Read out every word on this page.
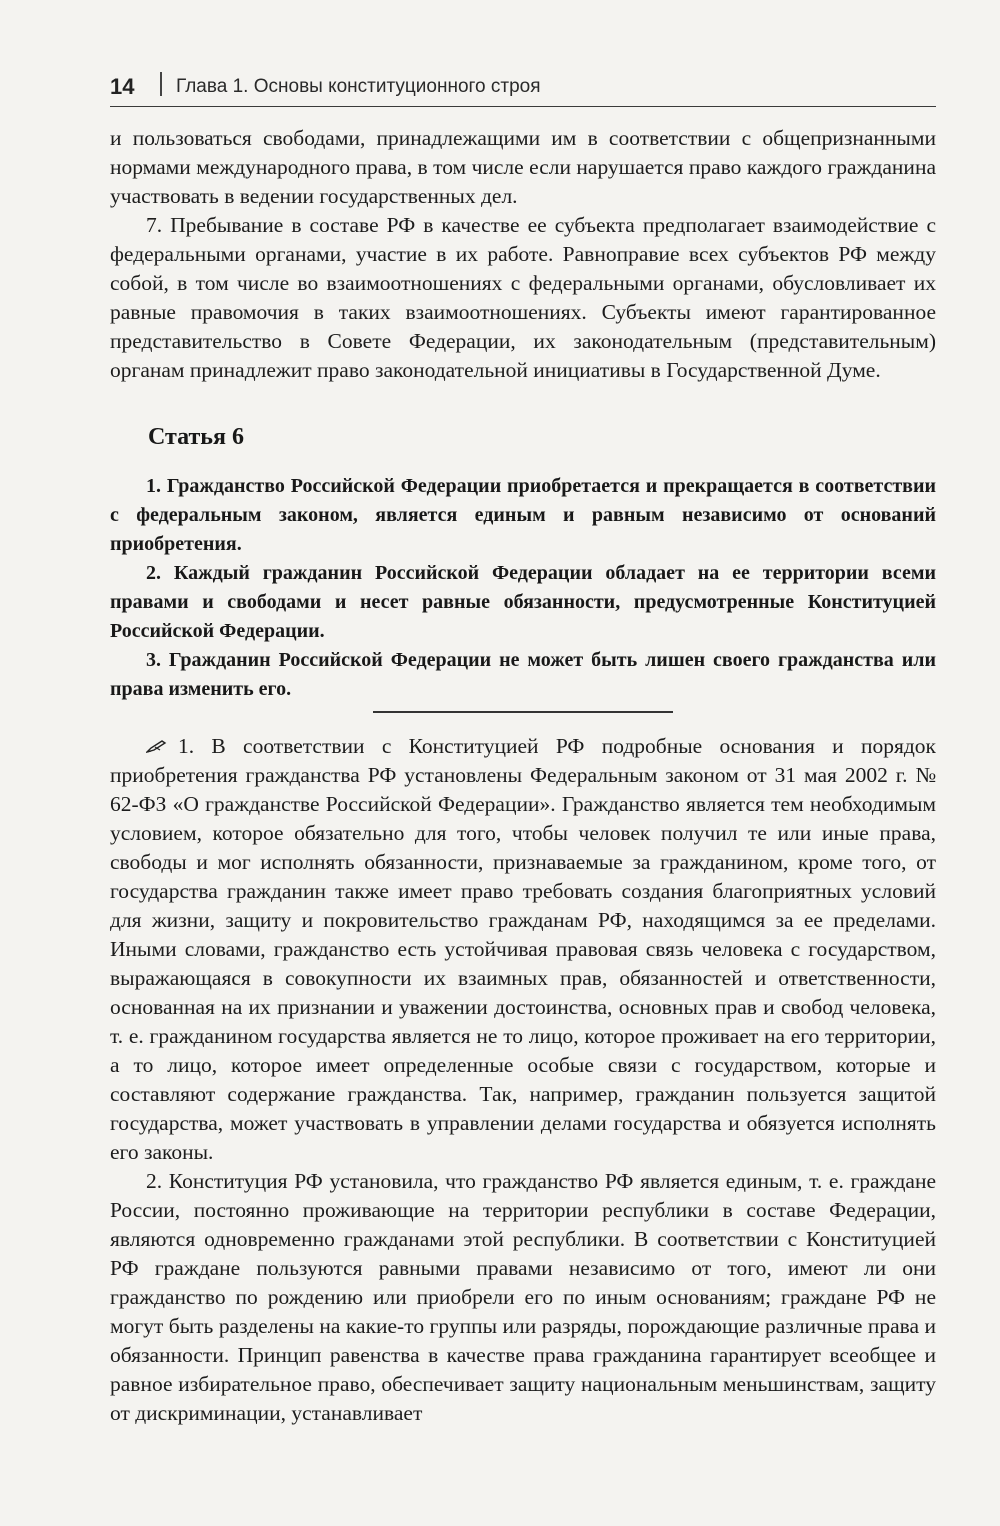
14 Глава 1. Основы конституционного строя

и пользоваться свободами, принадлежащими им в соответствии с общепризнанными нормами международного права, в том числе если нарушается право каждого гражданина участвовать в ведении государственных дел.

7. Пребывание в составе РФ в качестве ее субъекта предполагает взаимодействие с федеральными органами, участие в их работе. Равноправие всех субъектов РФ между собой, в том числе во взаимоотношениях с федеральными органами, обусловливает их равные правомочия в таких взаимоотношениях. Субъекты имеют гарантированное представительство в Совете Федерации, их законодательным (представительным) органам принадлежит право законодательной инициативы в Государственной Думе.

Статья 6

1. Гражданство Российской Федерации приобретается и прекращается в соответствии с федеральным законом, является единым и равным независимо от оснований приобретения.

2. Каждый гражданин Российской Федерации обладает на ее территории всеми правами и свободами и несет равные обязанности, предусмотренные Конституцией Российской Федерации.

3. Гражданин Российской Федерации не может быть лишен своего гражданства или права изменить его.

1. В соответствии с Конституцией РФ подробные основания и порядок приобретения гражданства РФ установлены Федеральным законом от 31 мая 2002 г. № 62-ФЗ «О гражданстве Российской Федерации». Гражданство является тем необходимым условием, которое обязательно для того, чтобы человек получил те или иные права, свободы и мог исполнять обязанности, признаваемые за гражданином, кроме того, от государства гражданин также имеет право требовать создания благоприятных условий для жизни, защиту и покровительство гражданам РФ, находящимся за ее пределами. Иными словами, гражданство есть устойчивая правовая связь человека с государством, выражающаяся в совокупности их взаимных прав, обязанностей и ответственности, основанная на их признании и уважении достоинства, основных прав и свобод человека, т. е. гражданином государства является не то лицо, которое проживает на его территории, а то лицо, которое имеет определенные особые связи с государством, которые и составляют содержание гражданства. Так, например, гражданин пользуется защитой государства, может участвовать в управлении делами государства и обязуется исполнять его законы.

2. Конституция РФ установила, что гражданство РФ является единым, т. е. граждане России, постоянно проживающие на территории республики в составе Федерации, являются одновременно гражданами этой республики. В соответствии с Конституцией РФ граждане пользуются равными правами независимо от того, имеют ли они гражданство по рождению или приобрели его по иным основаниям; граждане РФ не могут быть разделены на какие-то группы или разряды, порождающие различные права и обязанности. Принцип равенства в качестве права гражданина гарантирует всеобщее и равное избирательное право, обеспечивает защиту национальным меньшинствам, защиту от дискриминации, устанавливает
